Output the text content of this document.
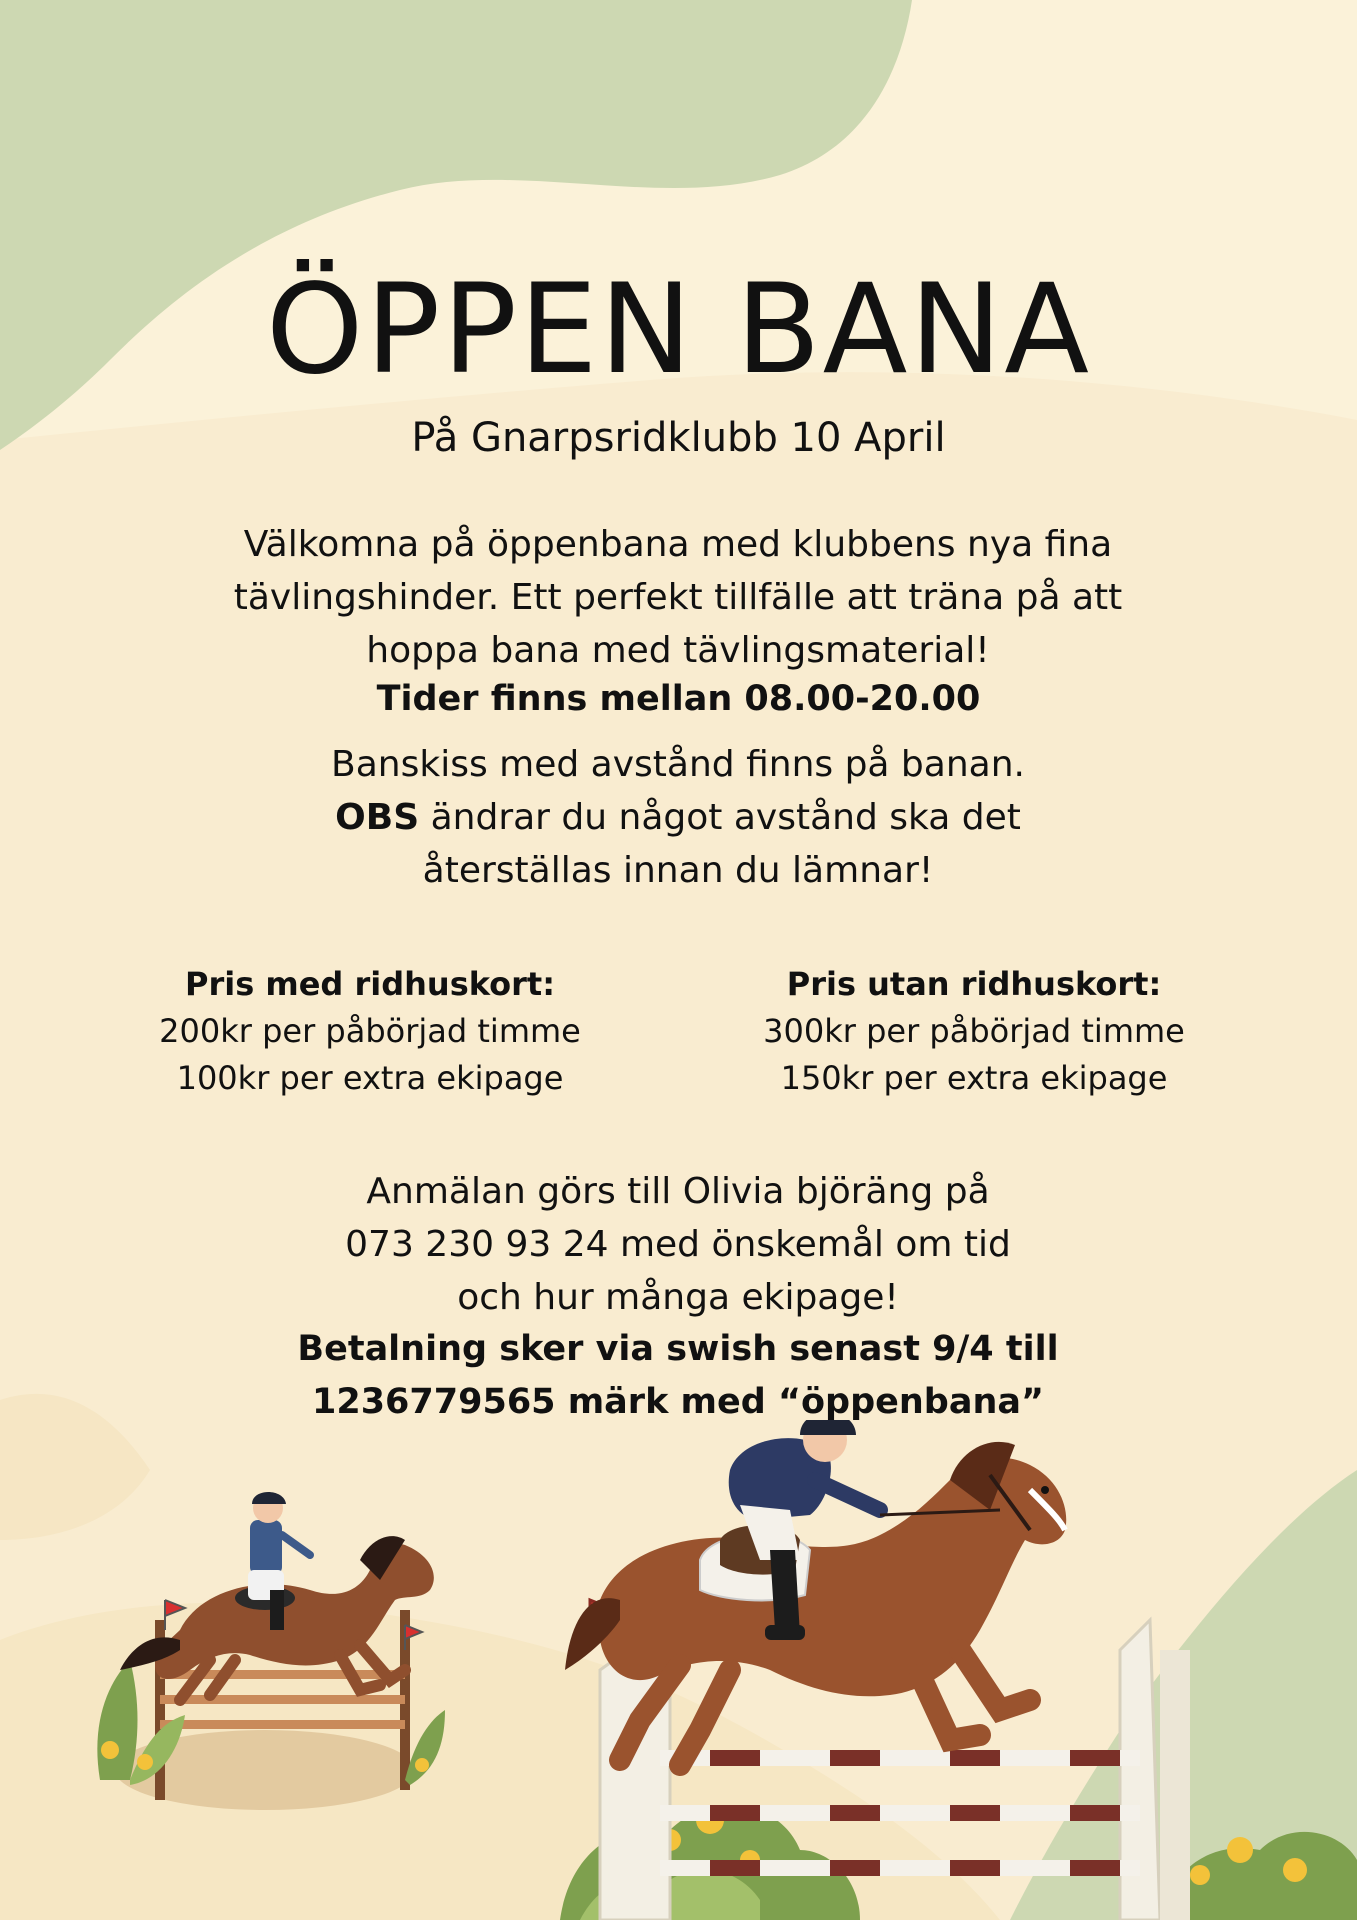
ÖPPEN BANA
På Gnarpsridklubb 10 April
Välkomna på öppenbana med klubbens nya fina
tävlingshinder. Ett perfekt tillfälle att träna på att
hoppa bana med tävlingsmaterial!
Tider finns mellan 08.00-20.00
Banskiss med avstånd finns på banan.
OBS ändrar du något avstånd ska det
återställas innan du lämnar!
Pris med ridhuskort:
200kr per påbörjad timme
100kr per extra ekipage
Pris utan ridhuskort:
300kr per påbörjad timme
150kr per extra ekipage
Anmälan görs till Olivia björäng på
073 230 93 24 med önskemål om tid
och hur många ekipage!
Betalning sker via swish senast 9/4 till
1236779565 märk med “öppenbana”
